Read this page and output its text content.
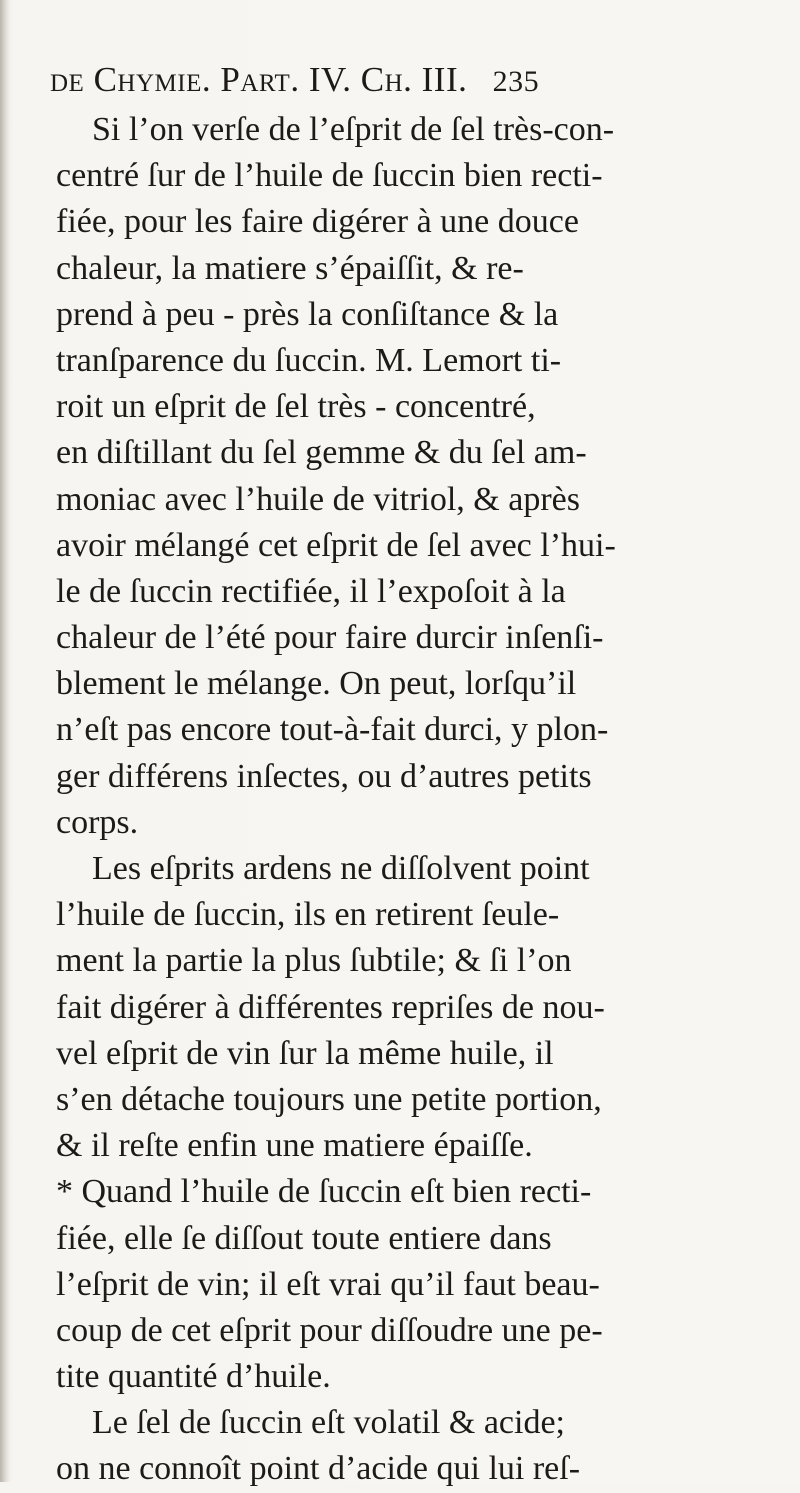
de Chymie. Part. IV. Ch. III. 235
Si l’on verſe de l’eſprit de ſel très-con-
centré ſur de l’huile de ſuccin bien recti-
fiée, pour les faire digérer à une douce
chaleur, la matiere s’épaiſſit, & re-
prend à peu - près la conſiſtance & la
tranſparence du ſuccin. M. Lemort ti-
roit un eſprit de ſel très - concentré,
en diſtillant du ſel gemme & du ſel am-
moniac avec l’huile de vitriol, & après
avoir mélangé cet eſprit de ſel avec l’hui-
le de ſuccin rectifiée, il l’expoſoit à la
chaleur de l’été pour faire durcir inſenſi-
blement le mélange. On peut, lorſqu’il
n’eſt pas encore tout-à-fait durci, y plon-
ger différens inſectes, ou d’autres petits
corps.
Les eſprits ardens ne diſſolvent point
l’huile de ſuccin, ils en retirent ſeule-
ment la partie la plus ſubtile; & ſi l’on
fait digérer à différentes repriſes de nou-
vel eſprit de vin ſur la même huile, il
s’en détache toujours une petite portion,
& il reſte enfin une matiere épaiſſe.
* Quand l’huile de ſuccin eſt bien recti-
fiée, elle ſe diſſout toute entiere dans
l’eſprit de vin; il eſt vrai qu’il faut beau-
coup de cet eſprit pour diſſoudre une pe-
tite quantité d’huile.
Le ſel de ſuccin eſt volatil & acide;
on ne connoît point d’acide qui lui reſ-
